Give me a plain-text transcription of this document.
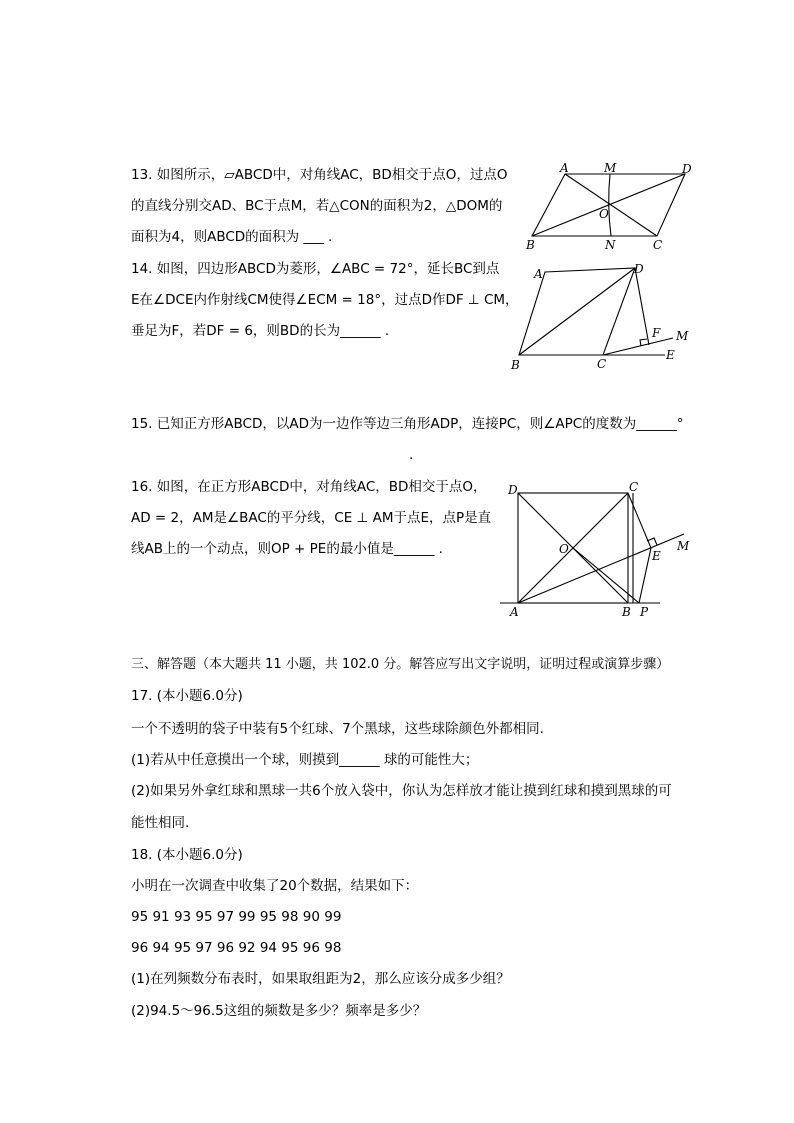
13. 如图所示，▱ABCD中，对角线AC，BD相交于点O，过点O
的直线分别交AD、BC于点M，若△CON的面积为2，△DOM的
面积为4，则ABCD的面积为 ___ .
A	M	D
O
B	N	C
14. 如图，四边形ABCD为菱形，∠ABC = 72°，延长BC到点
E在∠DCE内作射线CM使得∠ECM = 18°，过点D作DF ⊥ CM，
垂足为F，若DF = 6，则BD的长为______ .
A	D
F M
B	C
E
15. 已知正方形ABCD，以AD为一边作等边三角形ADP，连接PC，则∠APC的度数为______°
.
16. 如图，在正方形ABCD中，对角线AC，BD相交于点O，
AD = 2，AM是∠BAC的平分线，CE ⊥ AM于点E，点P是直
线AB上的一个动点，则OP + PE的最小值是______ .
D	C
O	M
E
A	B P
三、解答题（本大题共 11 小题，共 102.0 分。解答应写出文字说明，证明过程或演算步骤）
17. (本小题6.0分)
一个不透明的袋子中装有5个红球、7个黑球，这些球除颜色外都相同.
(1)若从中任意摸出一个球，则摸到______ 球的可能性大；
(2)如果另外拿红球和黑球一共6个放入袋中，你认为怎样放才能让摸到红球和摸到黑球的可
能性相同.
18. (本小题6.0分)
小明在一次调查中收集了20个数据，结果如下：
95 91 93 95 97 99 95 98 90 99
96 94 95 97 96 92 94 95 96 98
(1)在列频数分布表时，如果取组距为2，那么应该分成多少组？
(2)94.5～96.5这组的频数是多少？频率是多少？
